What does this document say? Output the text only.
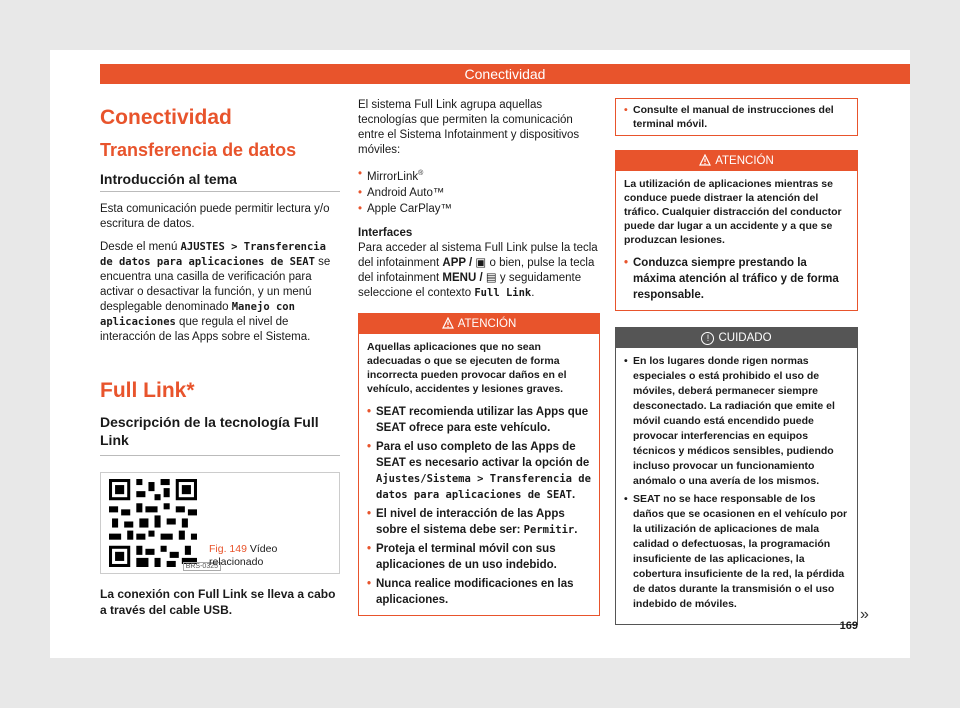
Conectividad
Conectividad
Transferencia de datos
Introducción al tema

Esta comunicación puede permitir lectura y/o escritura de datos.

Desde el menú AJUSTES > Transferencia de datos para aplicaciones de SEAT se encuentra una casilla de verificación para activar o desactivar la función, y un menú desplegable denominado Manejo con aplicaciones que regula el nivel de interacción de las Apps sobre el Sistema.

Full Link*
Descripción de la tecnología Full Link
BRS-0325
Fig. 149 Vídeo relacionado
La conexión con Full Link se lleva a cabo a través del cable USB.

El sistema Full Link agrupa aquellas tecnologías que permiten la comunicación entre el Sistema Infotainment y dispositivos móviles:

• MirrorLink®
• Android Auto™
• Apple CarPlay™
Interfaces

Para acceder al sistema Full Link pulse la tecla del infotainment APP / ▣ o bien, pulse la tecla del infotainment MENU / ▤ y seguidamente seleccione el contexto Full Link.

ATENCIÓN

Aquellas aplicaciones que no sean adecuadas o que se ejecuten de forma incorrecta pueden provocar daños en el vehículo, accidentes y lesiones graves.

• SEAT recomienda utilizar las Apps que SEAT ofrece para este vehículo.
• Para el uso completo de las Apps de SEAT es necesario activar la opción de Ajustes/Sistema > Transferencia de datos para aplicaciones de SEAT.
• El nivel de interacción de las Apps sobre el sistema debe ser: Permitir.
• Proteja el terminal móvil con sus aplicaciones de un uso indebido.
• Nunca realice modificaciones en las aplicaciones.
• Consulte el manual de instrucciones del terminal móvil.
ATENCIÓN

La utilización de aplicaciones mientras se conduce puede distraer la atención del tráfico. Cualquier distracción del conductor puede dar lugar a un accidente y a que se produzcan lesiones.

• Conduzca siempre prestando la máxima atención al tráfico y de forma responsable.
! CUIDADO
• En los lugares donde rigen normas especiales o está prohibido el uso de móviles, deberá permanecer siempre desconectado. La radiación que emite el móvil cuando está encendido puede provocar interferencias en equipos técnicos y médicos sensibles, pudiendo incluso provocar un funcionamiento anómalo o una avería de los mismos.
• SEAT no se hace responsable de los daños que se ocasionen en el vehículo por la utilización de aplicaciones de mala calidad o defectuosas, la programación insuficiente de las aplicaciones, la cobertura insuficiente de la red, la pérdida de datos durante la transmisión o el uso indebido de móviles.
»
169
